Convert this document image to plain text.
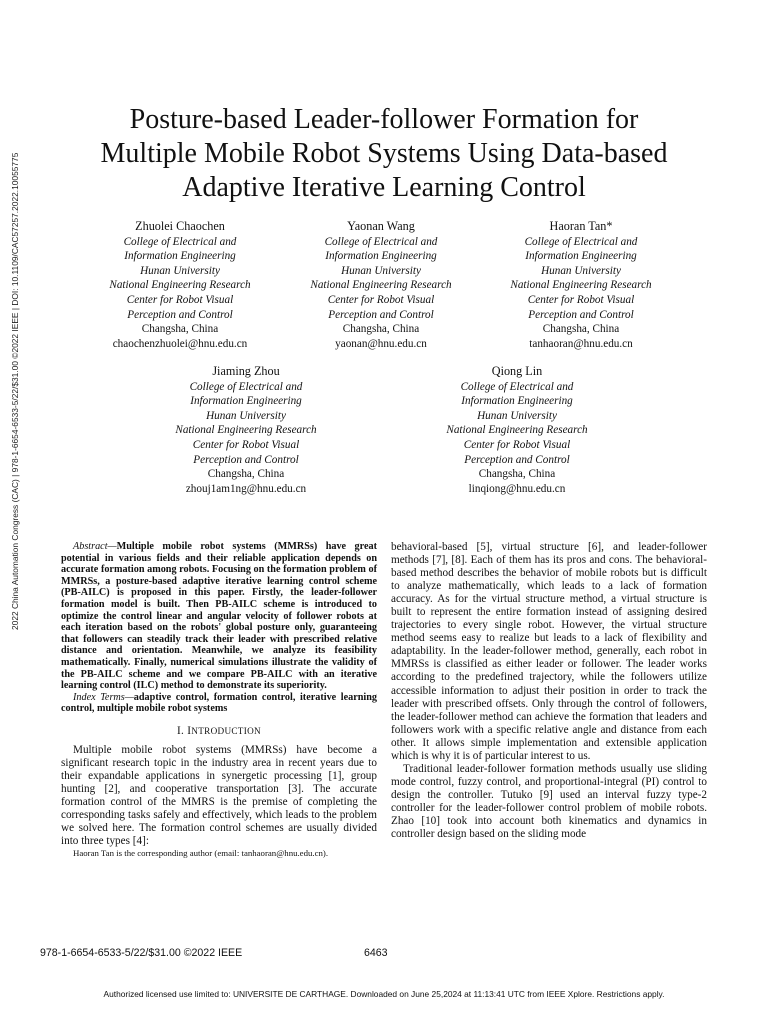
2022 China Automation Congress (CAC) | 978-1-6654-6533-5/22/$31.00 ©2022 IEEE | DOI: 10.1109/CAC57257.2022.10055775
Posture-based Leader-follower Formation for
Multiple Mobile Robot Systems Using Data-based
Adaptive Iterative Learning Control
Zhuolei Chaochen
College of Electrical and
Information Engineering
Hunan University
National Engineering Research
Center for Robot Visual
Perception and Control
Changsha, China
chaochenzhuolei@hnu.edu.cn
Yaonan Wang
College of Electrical and
Information Engineering
Hunan University
National Engineering Research
Center for Robot Visual
Perception and Control
Changsha, China
yaonan@hnu.edu.cn
Haoran Tan*
College of Electrical and
Information Engineering
Hunan University
National Engineering Research
Center for Robot Visual
Perception and Control
Changsha, China
tanhaoran@hnu.edu.cn
Jiaming Zhou
College of Electrical and
Information Engineering
Hunan University
National Engineering Research
Center for Robot Visual
Perception and Control
Changsha, China
zhouj1am1ng@hnu.edu.cn
Qiong Lin
College of Electrical and
Information Engineering
Hunan University
National Engineering Research
Center for Robot Visual
Perception and Control
Changsha, China
linqiong@hnu.edu.cn

Abstract—Multiple mobile robot systems (MMRSs) have great potential in various fields and their reliable application depends on accurate formation among robots. Focusing on the formation problem of MMRSs, a posture-based adaptive iterative learning control scheme (PB-AILC) is proposed in this paper. Firstly, the leader-follower formation model is built. Then PB-AILC scheme is introduced to optimize the control linear and angular velocity of follower robots at each iteration based on the robots' global posture only, guaranteeing that followers can steadily track their leader with prescribed relative distance and orientation. Meanwhile, we analyze its feasibility mathematically. Finally, numerical simulations illustrate the validity of the PB-AILC scheme and we compare PB-AILC with an iterative learning control (ILC) method to demonstrate its superiority.

Index Terms—adaptive control, formation control, iterative learning control, multiple mobile robot systems

I. INTRODUCTION

Multiple mobile robot systems (MMRSs) have become a significant research topic in the industry area in recent years due to their expandable applications in synergetic processing [1], group hunting [2], and cooperative transportation [3]. The accurate formation control of the MMRS is the premise of completing the corresponding tasks safely and effectively, which leads to the problem we solved here. The formation control schemes are usually divided into three types [4]:

Haoran Tan is the corresponding author (email: tanhaoran@hnu.edu.cn).

behavioral-based [5], virtual structure [6], and leader-follower methods [7], [8]. Each of them has its pros and cons. The behavioral-based method describes the behavior of mobile robots but is difficult to analyze mathematically, which leads to a lack of formation accuracy. As for the virtual structure method, a virtual structure is built to represent the entire formation instead of assigning desired trajectories to every single robot. However, the virtual structure method seems easy to realize but leads to a lack of flexibility and adaptability. In the leader-follower method, generally, each robot in MMRSs is classified as either leader or follower. The leader works according to the predefined trajectory, while the followers utilize accessible information to adjust their position in order to track the leader with prescribed offsets. Only through the control of followers, the leader-follower method can achieve the formation that leaders and followers work with a specific relative angle and distance from each other. It allows simple implementation and extensible application which is why it is of particular interest to us.

Traditional leader-follower formation methods usually use sliding mode control, fuzzy control, and proportional-integral (PI) control to design the controller. Tutuko [9] used an interval fuzzy type-2 controller for the leader-follower control problem of mobile robots. Zhao [10] took into account both kinematics and dynamics in controller design based on the sliding mode

978-1-6654-6533-5/22/$31.00 ©2022 IEEE	6463
Authorized licensed use limited to: UNIVERSITE DE CARTHAGE. Downloaded on June 25,2024 at 11:13:41 UTC from IEEE Xplore. Restrictions apply.
